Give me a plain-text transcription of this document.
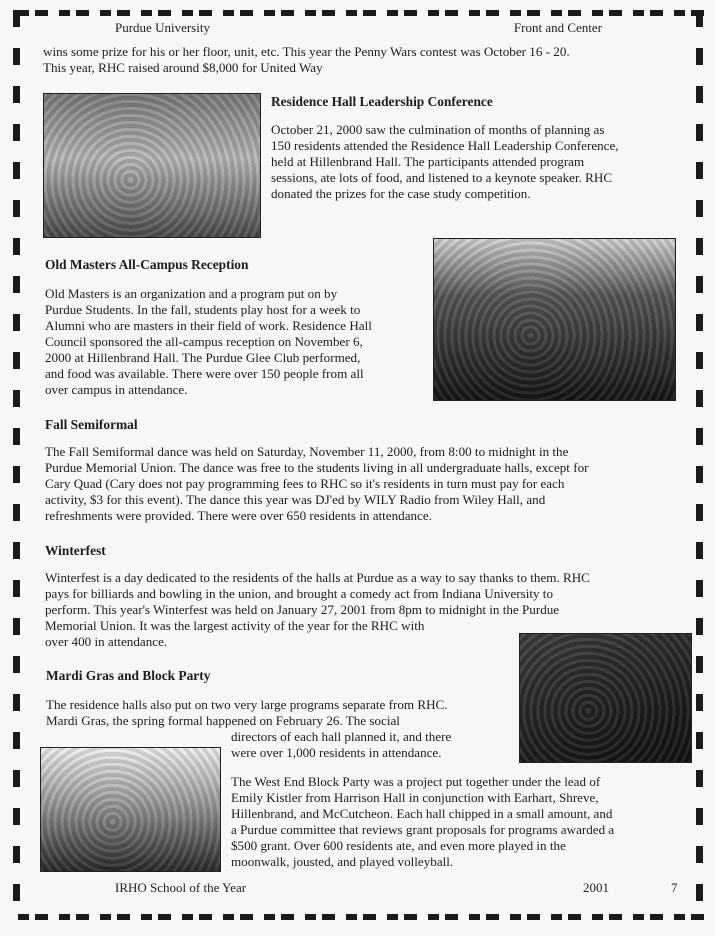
Purdue University	Front and Center
wins some prize for his or her floor, unit, etc. This year the Penny Wars contest was October 16 - 20.
This year, RHC raised around $8,000 for United Way
Residence Hall Leadership Conference
October 21, 2000 saw the culmination of months of planning as
150 residents attended the Residence Hall Leadership Conference,
held at Hillenbrand Hall. The participants attended program
sessions, ate lots of food, and listened to a keynote speaker. RHC
donated the prizes for the case study competition.
Old Masters All-Campus Reception
Old Masters is an organization and a program put on by
Purdue Students. In the fall, students play host for a week to
Alumni who are masters in their field of work. Residence Hall
Council sponsored the all-campus reception on November 6,
2000 at Hillenbrand Hall. The Purdue Glee Club performed,
and food was available. There were over 150 people from all
over campus in attendance.
Fall Semiformal
The Fall Semiformal dance was held on Saturday, November 11, 2000, from 8:00 to midnight in the
Purdue Memorial Union. The dance was free to the students living in all undergraduate halls, except for
Cary Quad (Cary does not pay programming fees to RHC so it's residents in turn must pay for each
activity, $3 for this event). The dance this year was DJ'ed by WILY Radio from Wiley Hall, and
refreshments were provided. There were over 650 residents in attendance.
Winterfest
Winterfest is a day dedicated to the residents of the halls at Purdue as a way to say thanks to them. RHC
pays for billiards and bowling in the union, and brought a comedy act from Indiana University to
perform. This year's Winterfest was held on January 27, 2001 from 8pm to midnight in the Purdue
Memorial Union. It was the largest activity of the year for the RHC with
over 400 in attendance.
Mardi Gras and Block Party
The residence halls also put on two very large programs separate from RHC.
Mardi Gras, the spring formal happened on February 26. The social
directors of each hall planned it, and there
were over 1,000 residents in attendance.
The West End Block Party was a project put together under the lead of
Emily Kistler from Harrison Hall in conjunction with Earhart, Shreve,
Hillenbrand, and McCutcheon. Each hall chipped in a small amount, and
a Purdue committee that reviews grant proposals for programs awarded a
$500 grant. Over 600 residents ate, and even more played in the
moonwalk, jousted, and played volleyball.
IRHO School of the Year	2001	7
